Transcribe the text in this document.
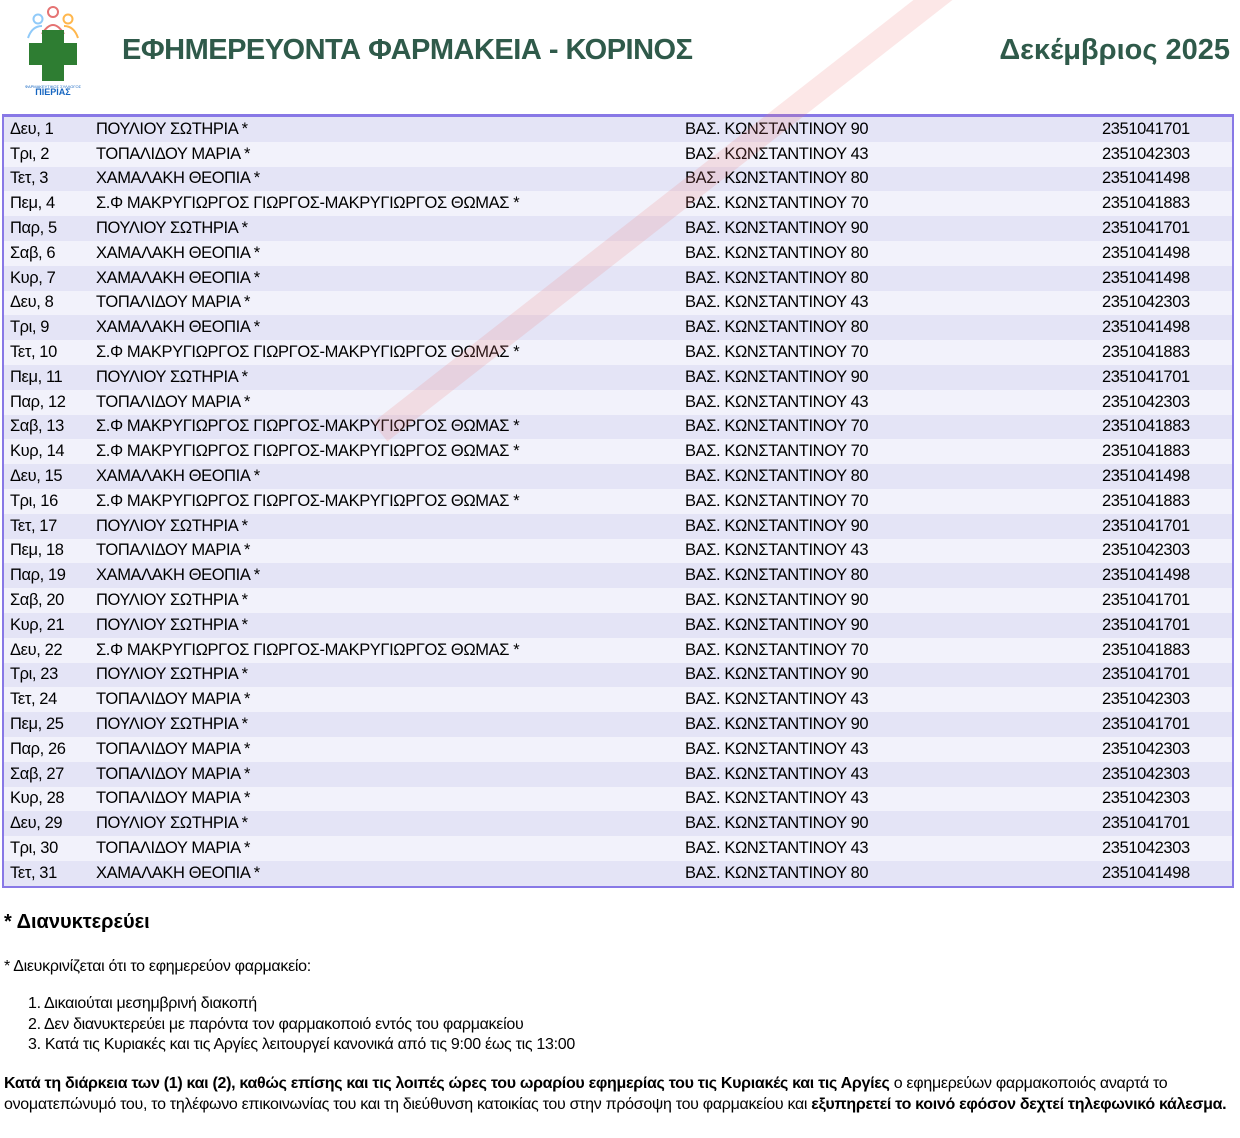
ΦΑΡΜΑΚΕΥΤΙΚΟΣ ΣΥΛΛΟΓΟΣ
ΠΙΕΡΙΑΣ
ΕΦΗΜΕΡΕΥΟΝΤΑ ΦΑΡΜΑΚΕΙΑ - ΚΟΡΙΝΟΣ	Δεκέμβριος 2025
Δευ, 1	ΠΟΥΛΙΟΥ ΣΩΤΗΡΙΑ *	ΒΑΣ. ΚΩΝΣΤΑΝΤΙΝΟΥ 90	2351041701
Τρι, 2	ΤΟΠΑΛΙΔΟΥ ΜΑΡΙΑ *	ΒΑΣ. ΚΩΝΣΤΑΝΤΙΝΟΥ 43	2351042303
Τετ, 3	ΧΑΜΑΛΑΚΗ ΘΕΟΠΙΑ *	ΒΑΣ. ΚΩΝΣΤΑΝΤΙΝΟΥ 80	2351041498
Πεμ, 4	Σ.Φ ΜΑΚΡΥΓΙΩΡΓΟΣ ΓΙΩΡΓΟΣ-ΜΑΚΡΥΓΙΩΡΓΟΣ ΘΩΜΑΣ *	ΒΑΣ. ΚΩΝΣΤΑΝΤΙΝΟΥ 70	2351041883
Παρ, 5	ΠΟΥΛΙΟΥ ΣΩΤΗΡΙΑ *	ΒΑΣ. ΚΩΝΣΤΑΝΤΙΝΟΥ 90	2351041701
Σαβ, 6	ΧΑΜΑΛΑΚΗ ΘΕΟΠΙΑ *	ΒΑΣ. ΚΩΝΣΤΑΝΤΙΝΟΥ 80	2351041498
Κυρ, 7	ΧΑΜΑΛΑΚΗ ΘΕΟΠΙΑ *	ΒΑΣ. ΚΩΝΣΤΑΝΤΙΝΟΥ 80	2351041498
Δευ, 8	ΤΟΠΑΛΙΔΟΥ ΜΑΡΙΑ *	ΒΑΣ. ΚΩΝΣΤΑΝΤΙΝΟΥ 43	2351042303
Τρι, 9	ΧΑΜΑΛΑΚΗ ΘΕΟΠΙΑ *	ΒΑΣ. ΚΩΝΣΤΑΝΤΙΝΟΥ 80	2351041498
Τετ, 10	Σ.Φ ΜΑΚΡΥΓΙΩΡΓΟΣ ΓΙΩΡΓΟΣ-ΜΑΚΡΥΓΙΩΡΓΟΣ ΘΩΜΑΣ *	ΒΑΣ. ΚΩΝΣΤΑΝΤΙΝΟΥ 70	2351041883
Πεμ, 11	ΠΟΥΛΙΟΥ ΣΩΤΗΡΙΑ *	ΒΑΣ. ΚΩΝΣΤΑΝΤΙΝΟΥ 90	2351041701
Παρ, 12	ΤΟΠΑΛΙΔΟΥ ΜΑΡΙΑ *	ΒΑΣ. ΚΩΝΣΤΑΝΤΙΝΟΥ 43	2351042303
Σαβ, 13	Σ.Φ ΜΑΚΡΥΓΙΩΡΓΟΣ ΓΙΩΡΓΟΣ-ΜΑΚΡΥΓΙΩΡΓΟΣ ΘΩΜΑΣ *	ΒΑΣ. ΚΩΝΣΤΑΝΤΙΝΟΥ 70	2351041883
Κυρ, 14	Σ.Φ ΜΑΚΡΥΓΙΩΡΓΟΣ ΓΙΩΡΓΟΣ-ΜΑΚΡΥΓΙΩΡΓΟΣ ΘΩΜΑΣ *	ΒΑΣ. ΚΩΝΣΤΑΝΤΙΝΟΥ 70	2351041883
Δευ, 15	ΧΑΜΑΛΑΚΗ ΘΕΟΠΙΑ *	ΒΑΣ. ΚΩΝΣΤΑΝΤΙΝΟΥ 80	2351041498
Τρι, 16	Σ.Φ ΜΑΚΡΥΓΙΩΡΓΟΣ ΓΙΩΡΓΟΣ-ΜΑΚΡΥΓΙΩΡΓΟΣ ΘΩΜΑΣ *	ΒΑΣ. ΚΩΝΣΤΑΝΤΙΝΟΥ 70	2351041883
Τετ, 17	ΠΟΥΛΙΟΥ ΣΩΤΗΡΙΑ *	ΒΑΣ. ΚΩΝΣΤΑΝΤΙΝΟΥ 90	2351041701
Πεμ, 18	ΤΟΠΑΛΙΔΟΥ ΜΑΡΙΑ *	ΒΑΣ. ΚΩΝΣΤΑΝΤΙΝΟΥ 43	2351042303
Παρ, 19	ΧΑΜΑΛΑΚΗ ΘΕΟΠΙΑ *	ΒΑΣ. ΚΩΝΣΤΑΝΤΙΝΟΥ 80	2351041498
Σαβ, 20	ΠΟΥΛΙΟΥ ΣΩΤΗΡΙΑ *	ΒΑΣ. ΚΩΝΣΤΑΝΤΙΝΟΥ 90	2351041701
Κυρ, 21	ΠΟΥΛΙΟΥ ΣΩΤΗΡΙΑ *	ΒΑΣ. ΚΩΝΣΤΑΝΤΙΝΟΥ 90	2351041701
Δευ, 22	Σ.Φ ΜΑΚΡΥΓΙΩΡΓΟΣ ΓΙΩΡΓΟΣ-ΜΑΚΡΥΓΙΩΡΓΟΣ ΘΩΜΑΣ *	ΒΑΣ. ΚΩΝΣΤΑΝΤΙΝΟΥ 70	2351041883
Τρι, 23	ΠΟΥΛΙΟΥ ΣΩΤΗΡΙΑ *	ΒΑΣ. ΚΩΝΣΤΑΝΤΙΝΟΥ 90	2351041701
Τετ, 24	ΤΟΠΑΛΙΔΟΥ ΜΑΡΙΑ *	ΒΑΣ. ΚΩΝΣΤΑΝΤΙΝΟΥ 43	2351042303
Πεμ, 25	ΠΟΥΛΙΟΥ ΣΩΤΗΡΙΑ *	ΒΑΣ. ΚΩΝΣΤΑΝΤΙΝΟΥ 90	2351041701
Παρ, 26	ΤΟΠΑΛΙΔΟΥ ΜΑΡΙΑ *	ΒΑΣ. ΚΩΝΣΤΑΝΤΙΝΟΥ 43	2351042303
Σαβ, 27	ΤΟΠΑΛΙΔΟΥ ΜΑΡΙΑ *	ΒΑΣ. ΚΩΝΣΤΑΝΤΙΝΟΥ 43	2351042303
Κυρ, 28	ΤΟΠΑΛΙΔΟΥ ΜΑΡΙΑ *	ΒΑΣ. ΚΩΝΣΤΑΝΤΙΝΟΥ 43	2351042303
Δευ, 29	ΠΟΥΛΙΟΥ ΣΩΤΗΡΙΑ *	ΒΑΣ. ΚΩΝΣΤΑΝΤΙΝΟΥ 90	2351041701
Τρι, 30	ΤΟΠΑΛΙΔΟΥ ΜΑΡΙΑ *	ΒΑΣ. ΚΩΝΣΤΑΝΤΙΝΟΥ 43	2351042303
Τετ, 31	ΧΑΜΑΛΑΚΗ ΘΕΟΠΙΑ *	ΒΑΣ. ΚΩΝΣΤΑΝΤΙΝΟΥ 80	2351041498
* Διανυκτερεύει
* Διευκρινίζεται ότι το εφημερεύον φαρμακείο:
1. Δικαιούται μεσημβρινή διακοπή
2. Δεν διανυκτερεύει με παρόντα τον φαρμακοποιό εντός του φαρμακείου
3. Κατά τις Κυριακές και τις Αργίες λειτουργεί κανονικά από τις 9:00 έως τις 13:00
Κατά τη διάρκεια των (1) και (2), καθώς επίσης και τις λοιπές ώρες του ωραρίου εφημερίας του τις Κυριακές και τις Αργίες ο εφημερεύων φαρμακοποιός αναρτά το ονοματεπώνυμό του, το τηλέφωνο επικοινωνίας του και τη διεύθυνση κατοικίας του στην πρόσοψη του φαρμακείου και εξυπηρετεί το κοινό εφόσον δεχτεί τηλεφωνικό κάλεσμα.
